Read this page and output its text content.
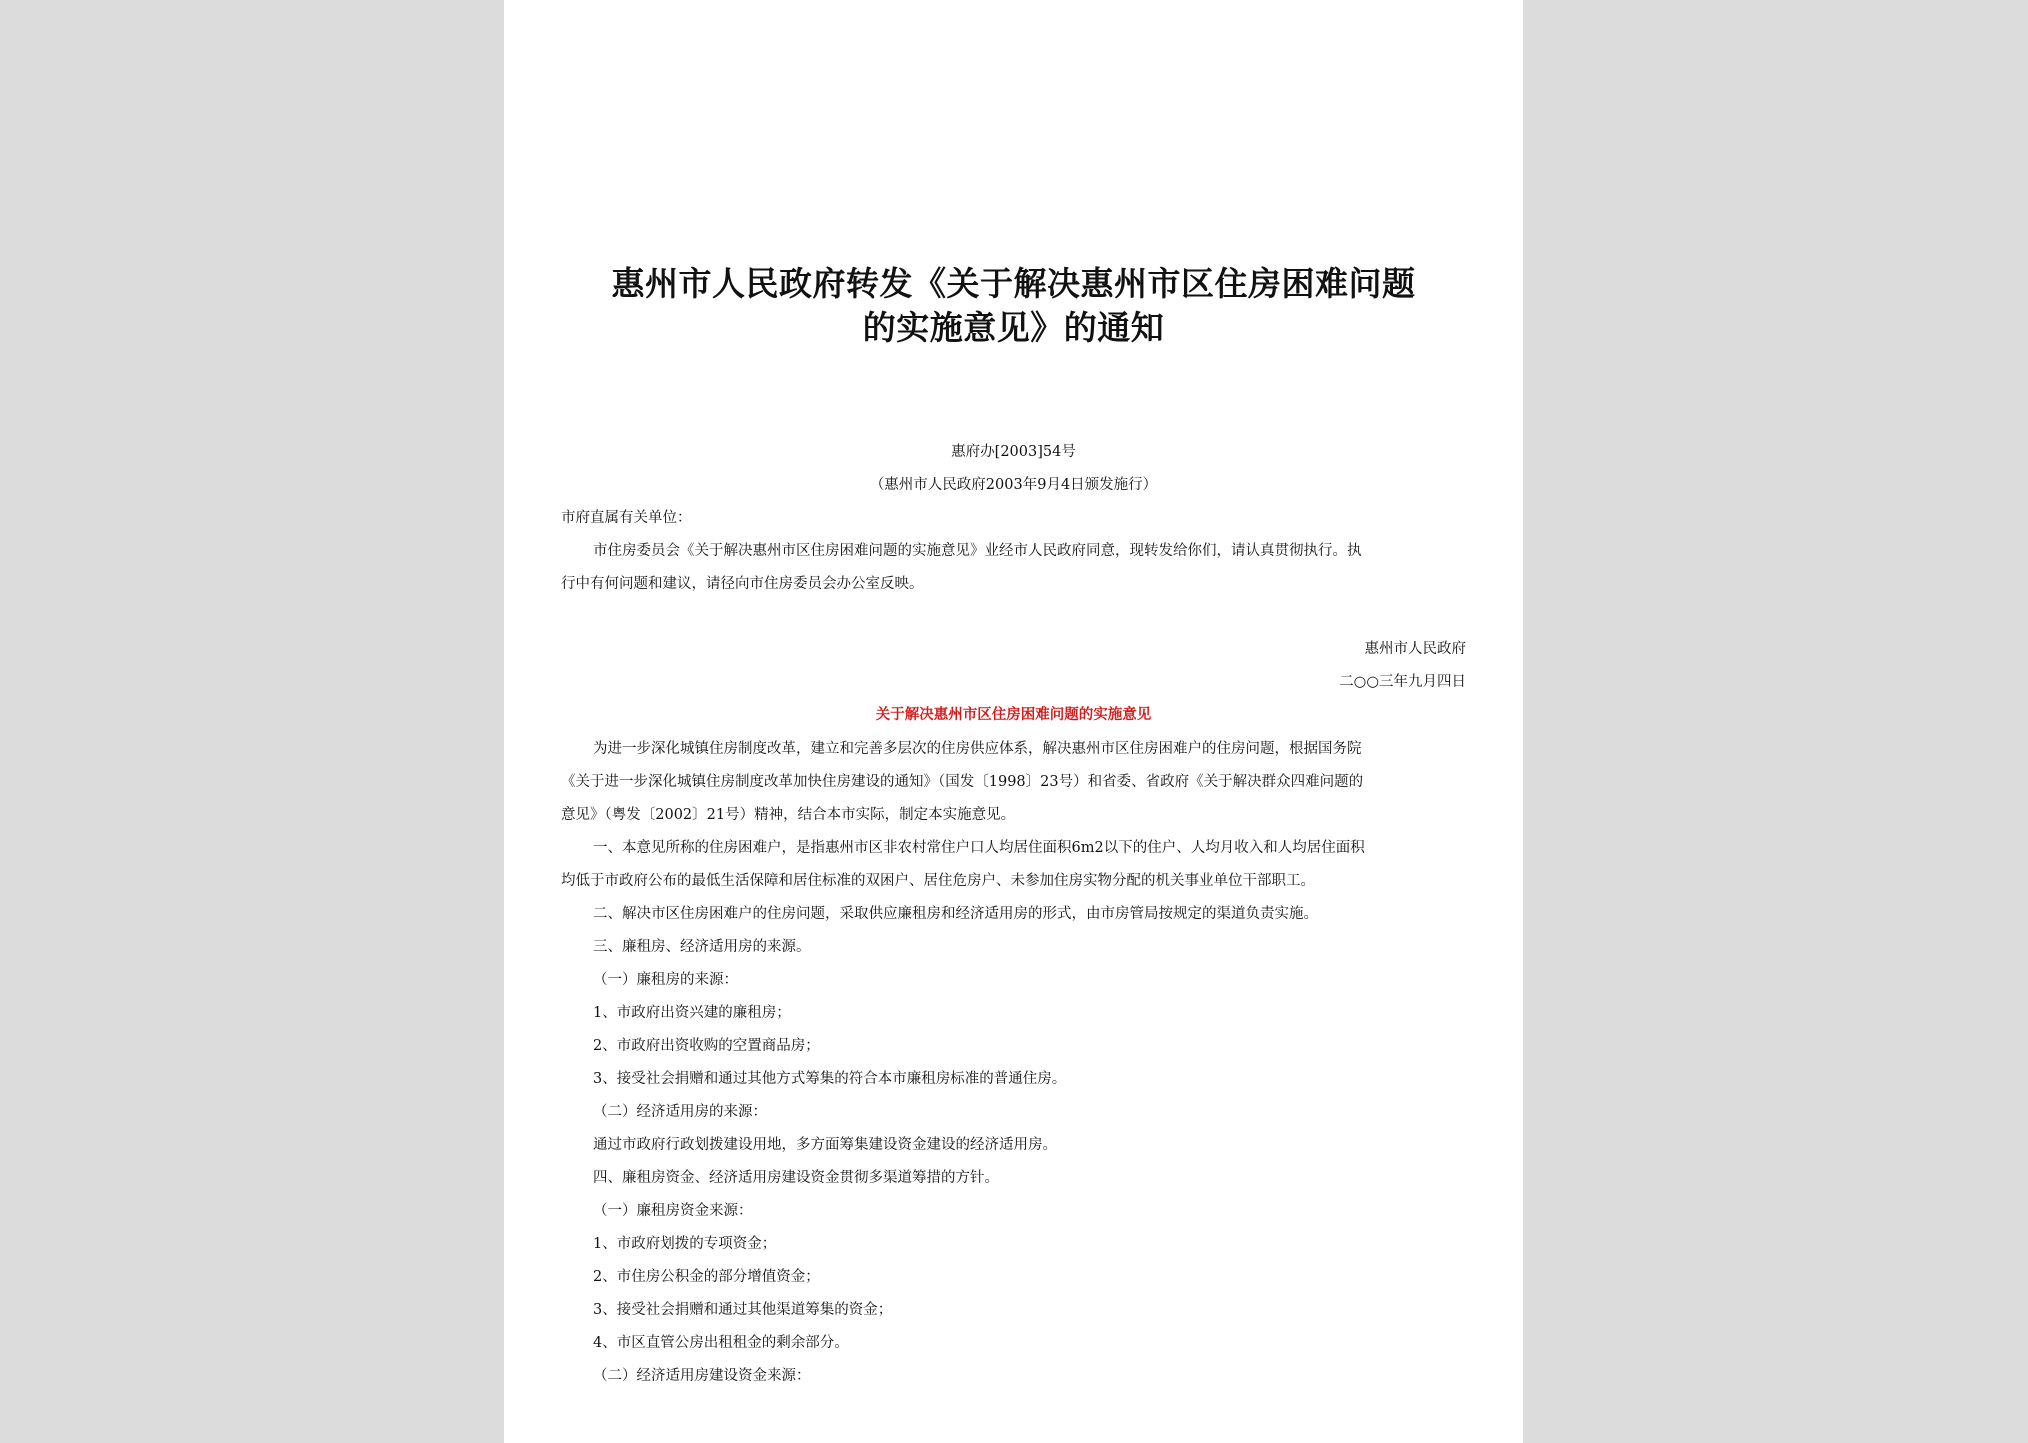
惠州市人民政府转发《关于解决惠州市区住房困难问题
的实施意见》的通知
惠府办[2003]54号
（惠州市人民政府2003年9月4日颁发施行）
市府直属有关单位：
市住房委员会《关于解决惠州市区住房困难问题的实施意见》业经市人民政府同意，现转发给你们，请认真贯彻执行。执
行中有何问题和建议，请径向市住房委员会办公室反映。
惠州市人民政府
二○○三年九月四日
关于解决惠州市区住房困难问题的实施意见
为进一步深化城镇住房制度改革，建立和完善多层次的住房供应体系，解决惠州市区住房困难户的住房问题，根据国务院
《关于进一步深化城镇住房制度改革加快住房建设的通知》（国发〔1998〕23号）和省委、省政府《关于解决群众四难问题的
意见》（粤发〔2002〕21号）精神，结合本市实际，制定本实施意见。
一、本意见所称的住房困难户，是指惠州市区非农村常住户口人均居住面积6m2以下的住户、人均月收入和人均居住面积
均低于市政府公布的最低生活保障和居住标准的双困户、居住危房户、未参加住房实物分配的机关事业单位干部职工。
二、解决市区住房困难户的住房问题，采取供应廉租房和经济适用房的形式，由市房管局按规定的渠道负责实施。
三、廉租房、经济适用房的来源。
（一）廉租房的来源：
1、市政府出资兴建的廉租房；
2、市政府出资收购的空置商品房；
3、接受社会捐赠和通过其他方式筹集的符合本市廉租房标准的普通住房。
（二）经济适用房的来源：
通过市政府行政划拨建设用地，多方面筹集建设资金建设的经济适用房。
四、廉租房资金、经济适用房建设资金贯彻多渠道筹措的方针。
（一）廉租房资金来源：
1、市政府划拨的专项资金；
2、市住房公积金的部分增值资金；
3、接受社会捐赠和通过其他渠道筹集的资金；
4、市区直管公房出租租金的剩余部分。
（二）经济适用房建设资金来源：
